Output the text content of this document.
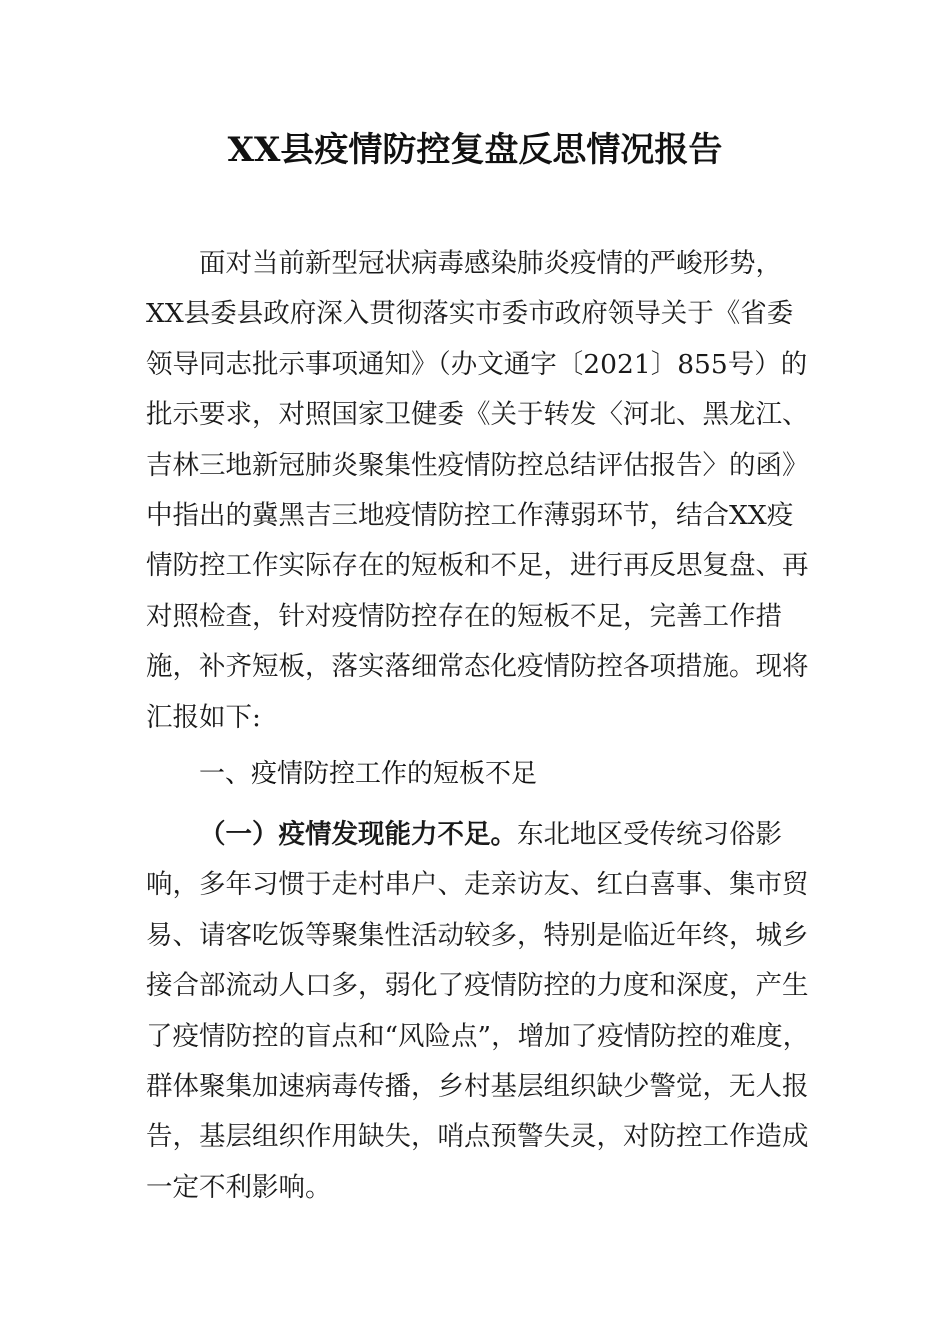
XX县疫情防控复盘反思情况报告

面对当前新型冠状病毒感染肺炎疫情的严峻形势，XX县委县政府深入贯彻落实市委市政府领导关于《省委领导同志批示事项通知》（办文通字〔2021〕855号）的批示要求，对照国家卫健委《关于转发〈河北、黑龙江、吉林三地新冠肺炎聚集性疫情防控总结评估报告〉的函》中指出的冀黑吉三地疫情防控工作薄弱环节，结合XX疫情防控工作实际存在的短板和不足，进行再反思复盘、再对照检查，针对疫情防控存在的短板不足，完善工作措施，补齐短板，落实落细常态化疫情防控各项措施。现将汇报如下:

一、疫情防控工作的短板不足

（一）疫情发现能力不足。东北地区受传统习俗影响，多年习惯于走村串户、走亲访友、红白喜事、集市贸易、请客吃饭等聚集性活动较多，特别是临近年终，城乡接合部流动人口多，弱化了疫情防控的力度和深度，产生了疫情防控的盲点和“风险点”，增加了疫情防控的难度，群体聚集加速病毒传播，乡村基层组织缺少警觉，无人报告，基层组织作用缺失，哨点预警失灵，对防控工作造成一定不利影响。
